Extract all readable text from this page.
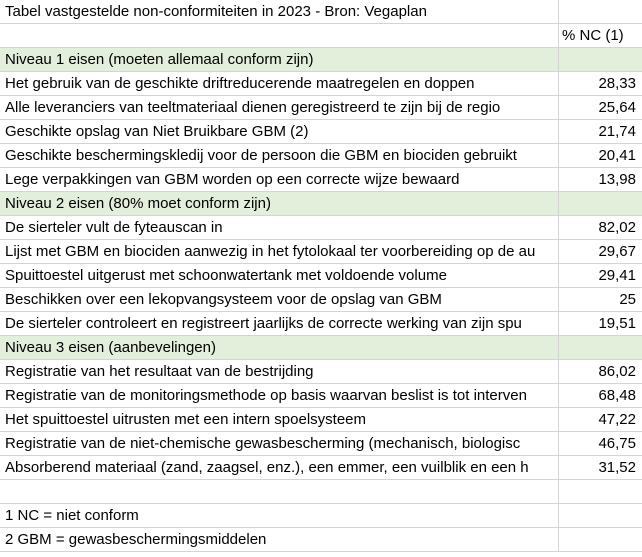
Tabel vastgestelde non-conformiteiten in 2023 - Bron: Vegaplan
% NC (1)
Niveau 1 eisen (moeten allemaal conform zijn)
Het gebruik van de geschikte driftreducerende maatregelen en doppen	28,33
Alle leveranciers van teeltmateriaal dienen geregistreerd te zijn bij de regio	25,64
Geschikte opslag van Niet Bruikbare GBM (2)	21,74
Geschikte beschermingskledij voor de persoon die GBM en biociden gebruikt	20,41
Lege verpakkingen van GBM worden op een correcte wijze bewaard	13,98
Niveau 2 eisen (80% moet conform zijn)
De sierteler vult de fyteauscan in	82,02
Lijst met GBM en biociden aanwezig in het fytolokaal ter voorbereiding op de au	29,67
Spuittoestel uitgerust met schoonwatertank met voldoende volume	29,41
Beschikken over een lekopvangsysteem voor de opslag van GBM	25
De sierteler controleert en registreert jaarlijks de correcte werking van zijn spu	19,51
Niveau 3 eisen (aanbevelingen)
Registratie van het resultaat van de bestrijding	86,02
Registratie van de monitoringsmethode op basis waarvan beslist is tot interven	68,48
Het spuittoestel uitrusten met een intern spoelsysteem	47,22
Registratie van de niet-chemische gewasbescherming (mechanisch, biologisc	46,75
Absorberend materiaal (zand, zaagsel, enz.), een emmer, een vuilblik en een h	31,52
1 NC = niet conform
2 GBM = gewasbeschermingsmiddelen
